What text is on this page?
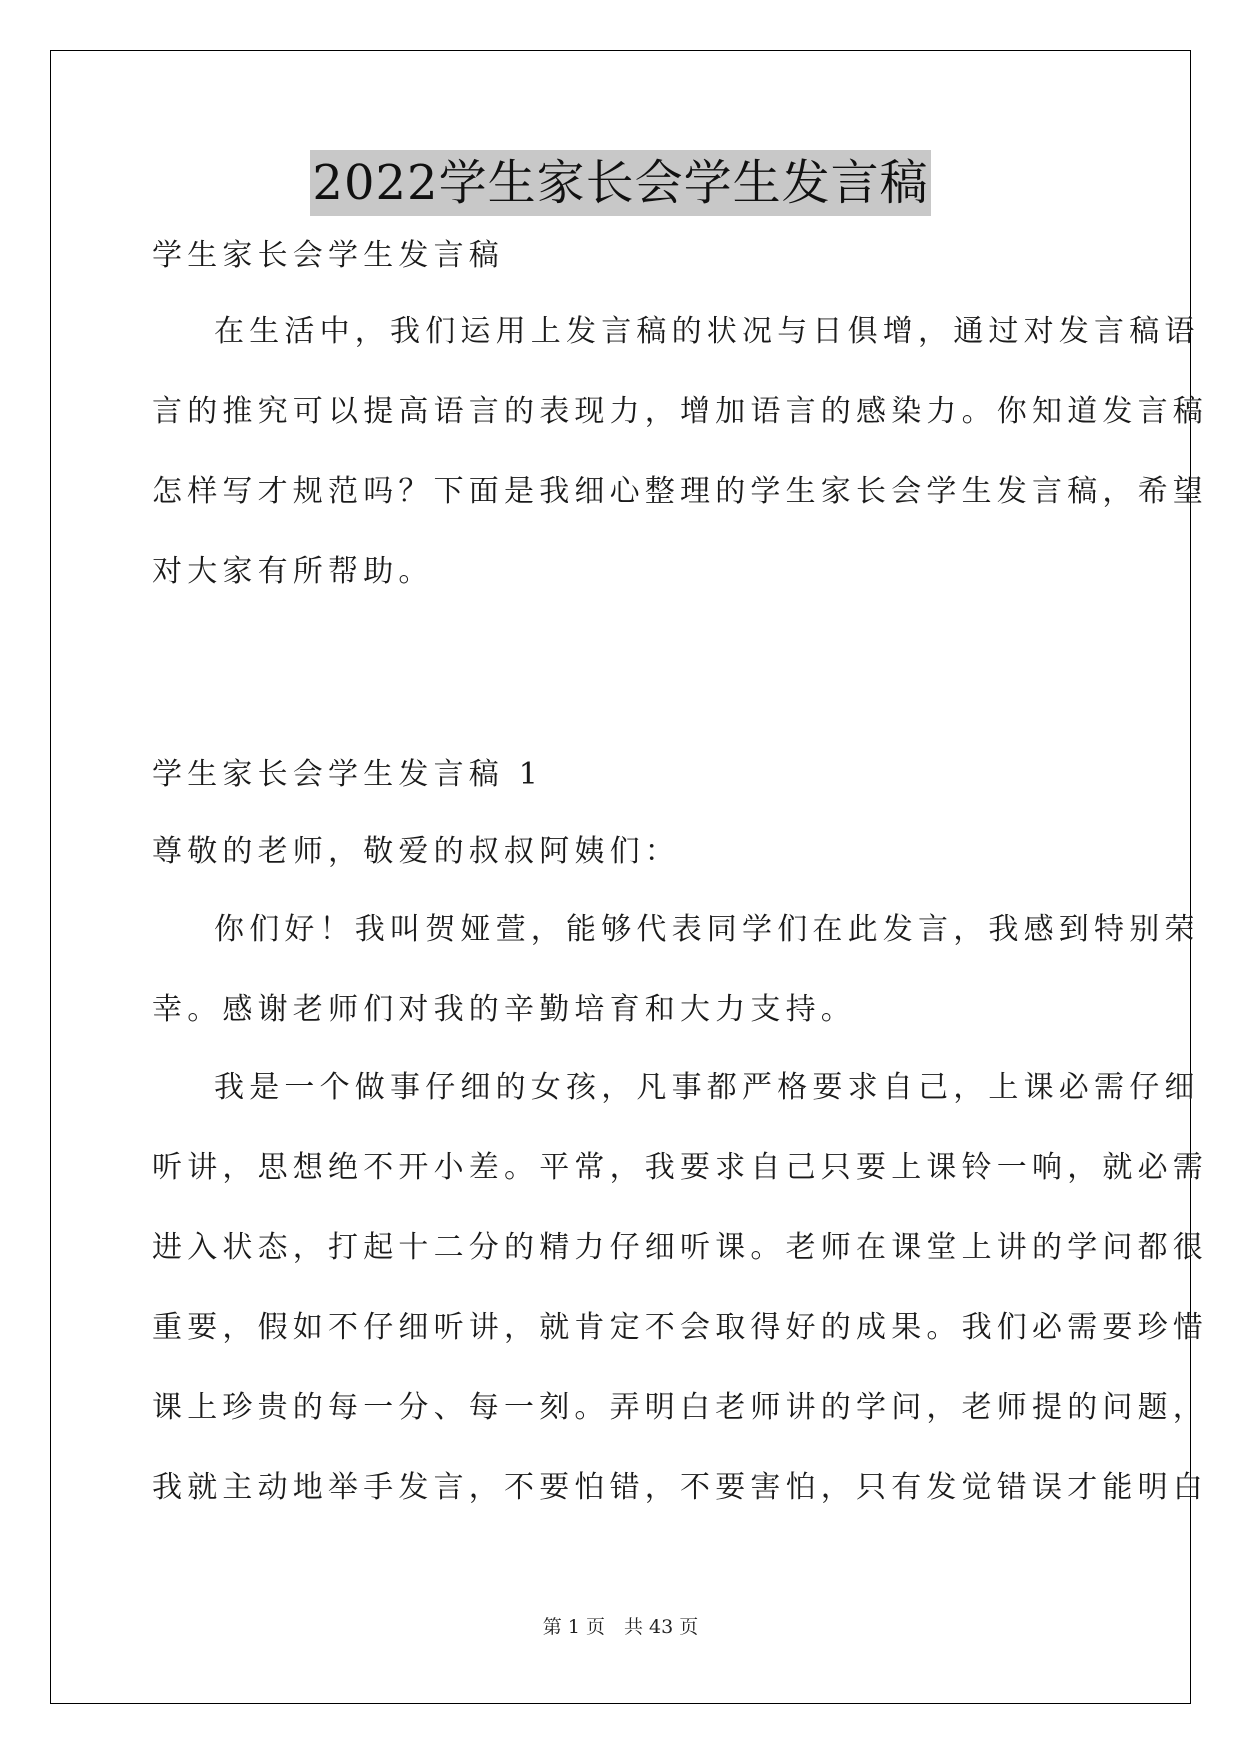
2022学生家长会学生发言稿

学生家长会学生发言稿

在生活中，我们运用上发言稿的状况与日俱增，通过对发言稿语

言的推究可以提高语言的表现力，增加语言的感染力。你知道发言稿

怎样写才规范吗？下面是我细心整理的学生家长会学生发言稿，希望

对大家有所帮助。

学生家长会学生发言稿 1

尊敬的老师，敬爱的叔叔阿姨们：

你们好！我叫贺娅萱，能够代表同学们在此发言，我感到特别荣

幸。感谢老师们对我的辛勤培育和大力支持。

我是一个做事仔细的女孩，凡事都严格要求自己，上课必需仔细

听讲，思想绝不开小差。平常，我要求自己只要上课铃一响，就必需

进入状态，打起十二分的精力仔细听课。老师在课堂上讲的学问都很

重要，假如不仔细听讲，就肯定不会取得好的成果。我们必需要珍惜

课上珍贵的每一分、每一刻。弄明白老师讲的学问，老师提的问题，

我就主动地举手发言，不要怕错，不要害怕，只有发觉错误才能明白

第 1 页　共 43 页
